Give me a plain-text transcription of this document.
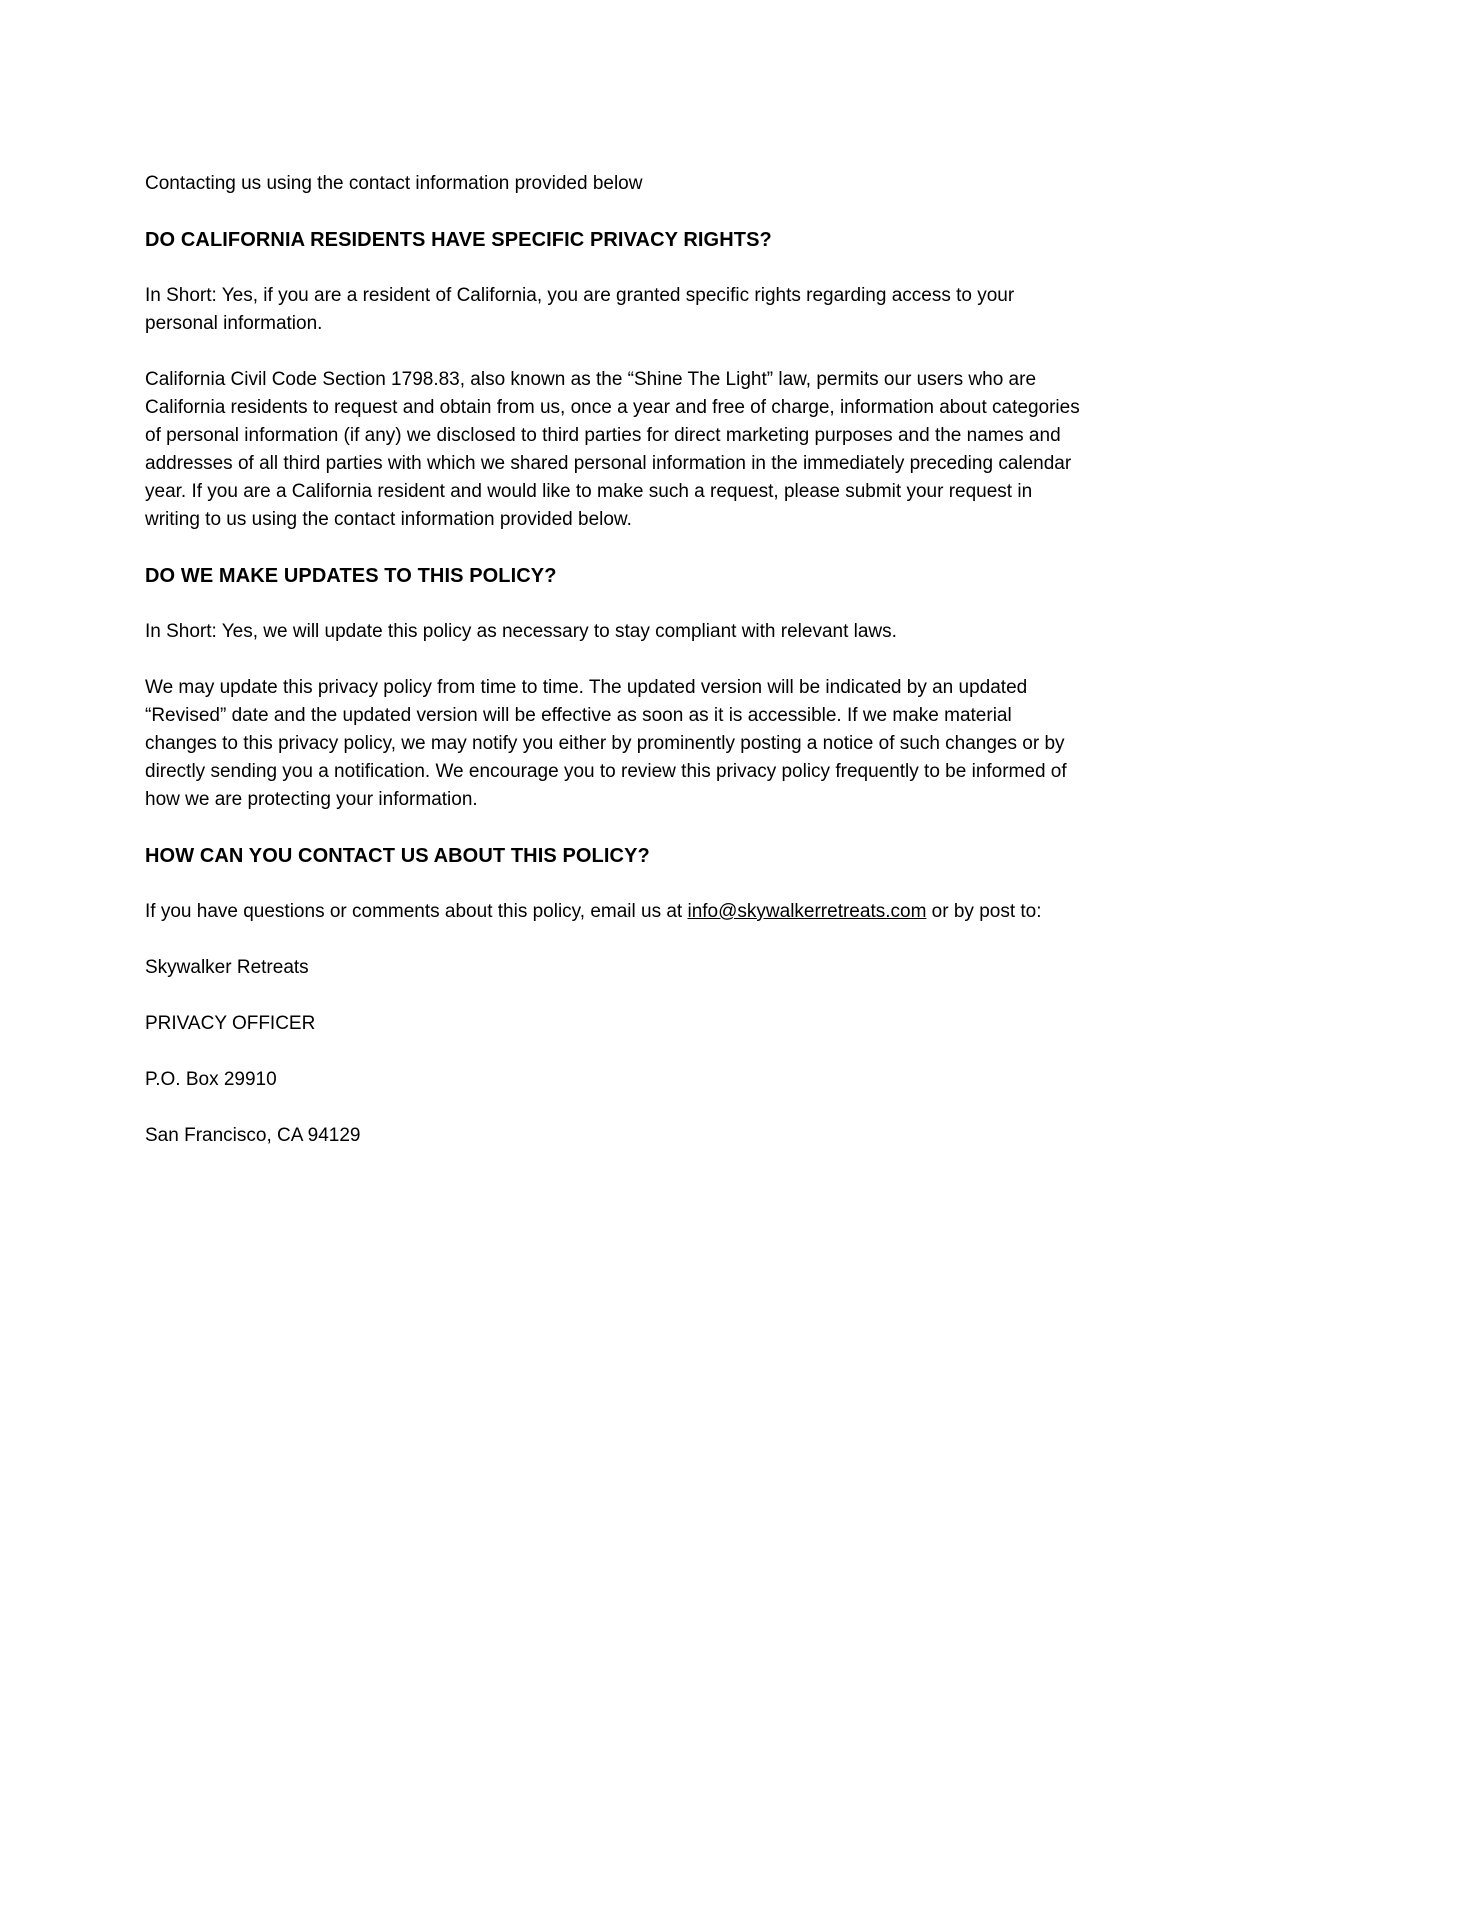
Contacting us using the contact information provided below

DO CALIFORNIA RESIDENTS HAVE SPECIFIC PRIVACY RIGHTS?

In Short: Yes, if you are a resident of California, you are granted specific rights regarding access to your personal information.

California Civil Code Section 1798.83, also known as the “Shine The Light” law, permits our users who are California residents to request and obtain from us, once a year and free of charge, information about categories of personal information (if any) we disclosed to third parties for direct marketing purposes and the names and addresses of all third parties with which we shared personal information in the immediately preceding calendar year. If you are a California resident and would like to make such a request, please submit your request in writing to us using the contact information provided below.

DO WE MAKE UPDATES TO THIS POLICY?

In Short: Yes, we will update this policy as necessary to stay compliant with relevant laws.

We may update this privacy policy from time to time. The updated version will be indicated by an updated “Revised” date and the updated version will be effective as soon as it is accessible. If we make material changes to this privacy policy, we may notify you either by prominently posting a notice of such changes or by directly sending you a notification. We encourage you to review this privacy policy frequently to be informed of how we are protecting your information.

HOW CAN YOU CONTACT US ABOUT THIS POLICY?

If you have questions or comments about this policy, email us at info@skywalkerretreats.com or by post to:

Skywalker Retreats

PRIVACY OFFICER

P.O. Box 29910

San Francisco, CA 94129
